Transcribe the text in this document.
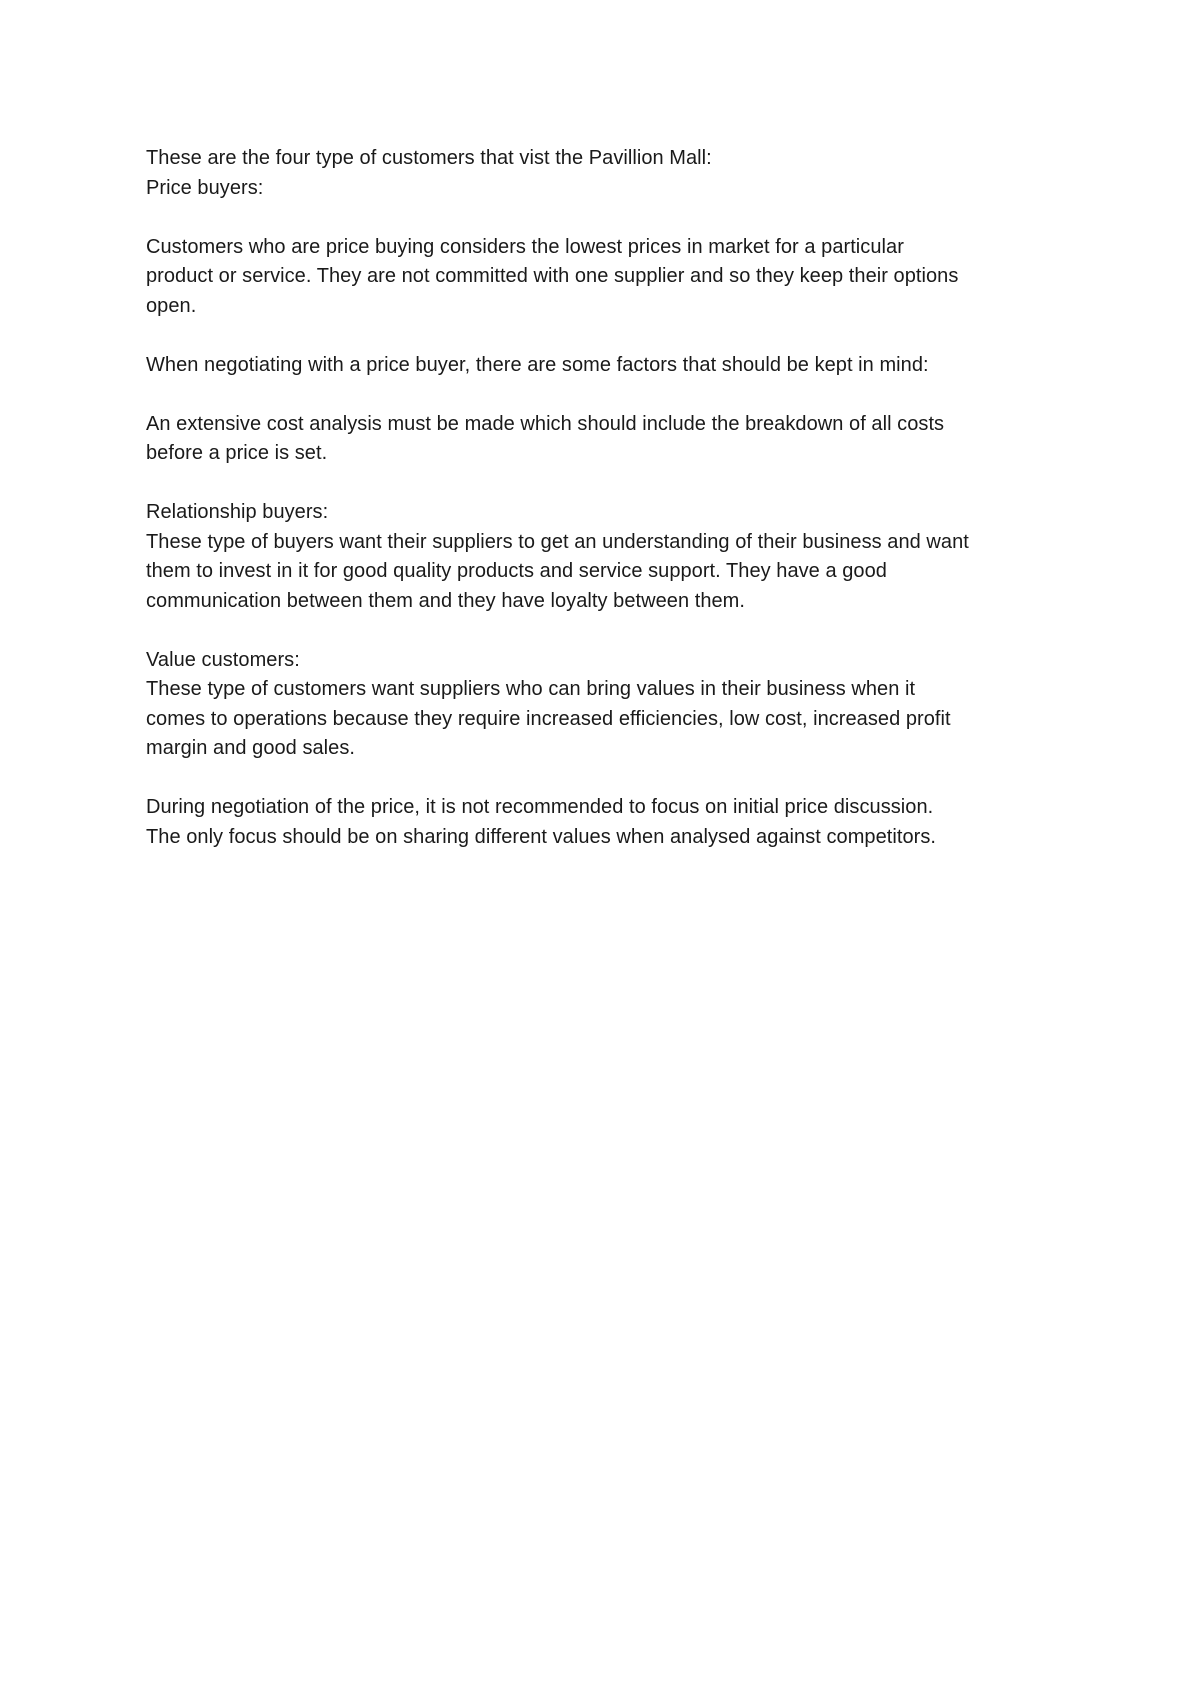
These are the four type of customers that vist the Pavillion Mall:
Price buyers:
Customers who are price buying considers the lowest prices in market for a particular
product or service. They are not committed with one supplier and so they keep their options
open.
When negotiating with a price buyer, there are some factors that should be kept in mind:
An extensive cost analysis must be made which should include the breakdown of all costs
before a price is set.
Relationship buyers:
These type of buyers want their suppliers to get an understanding of their business and want
them to invest in it for good quality products and service support. They have a good
communication between them and they have loyalty between them.
Value customers:
These type of customers want suppliers who can bring values in their business when it
comes to operations because they require increased efficiencies, low cost, increased profit
margin and good sales.
During negotiation of the price, it is not recommended to focus on initial price discussion.
The only focus should be on sharing different values when analysed against competitors.
